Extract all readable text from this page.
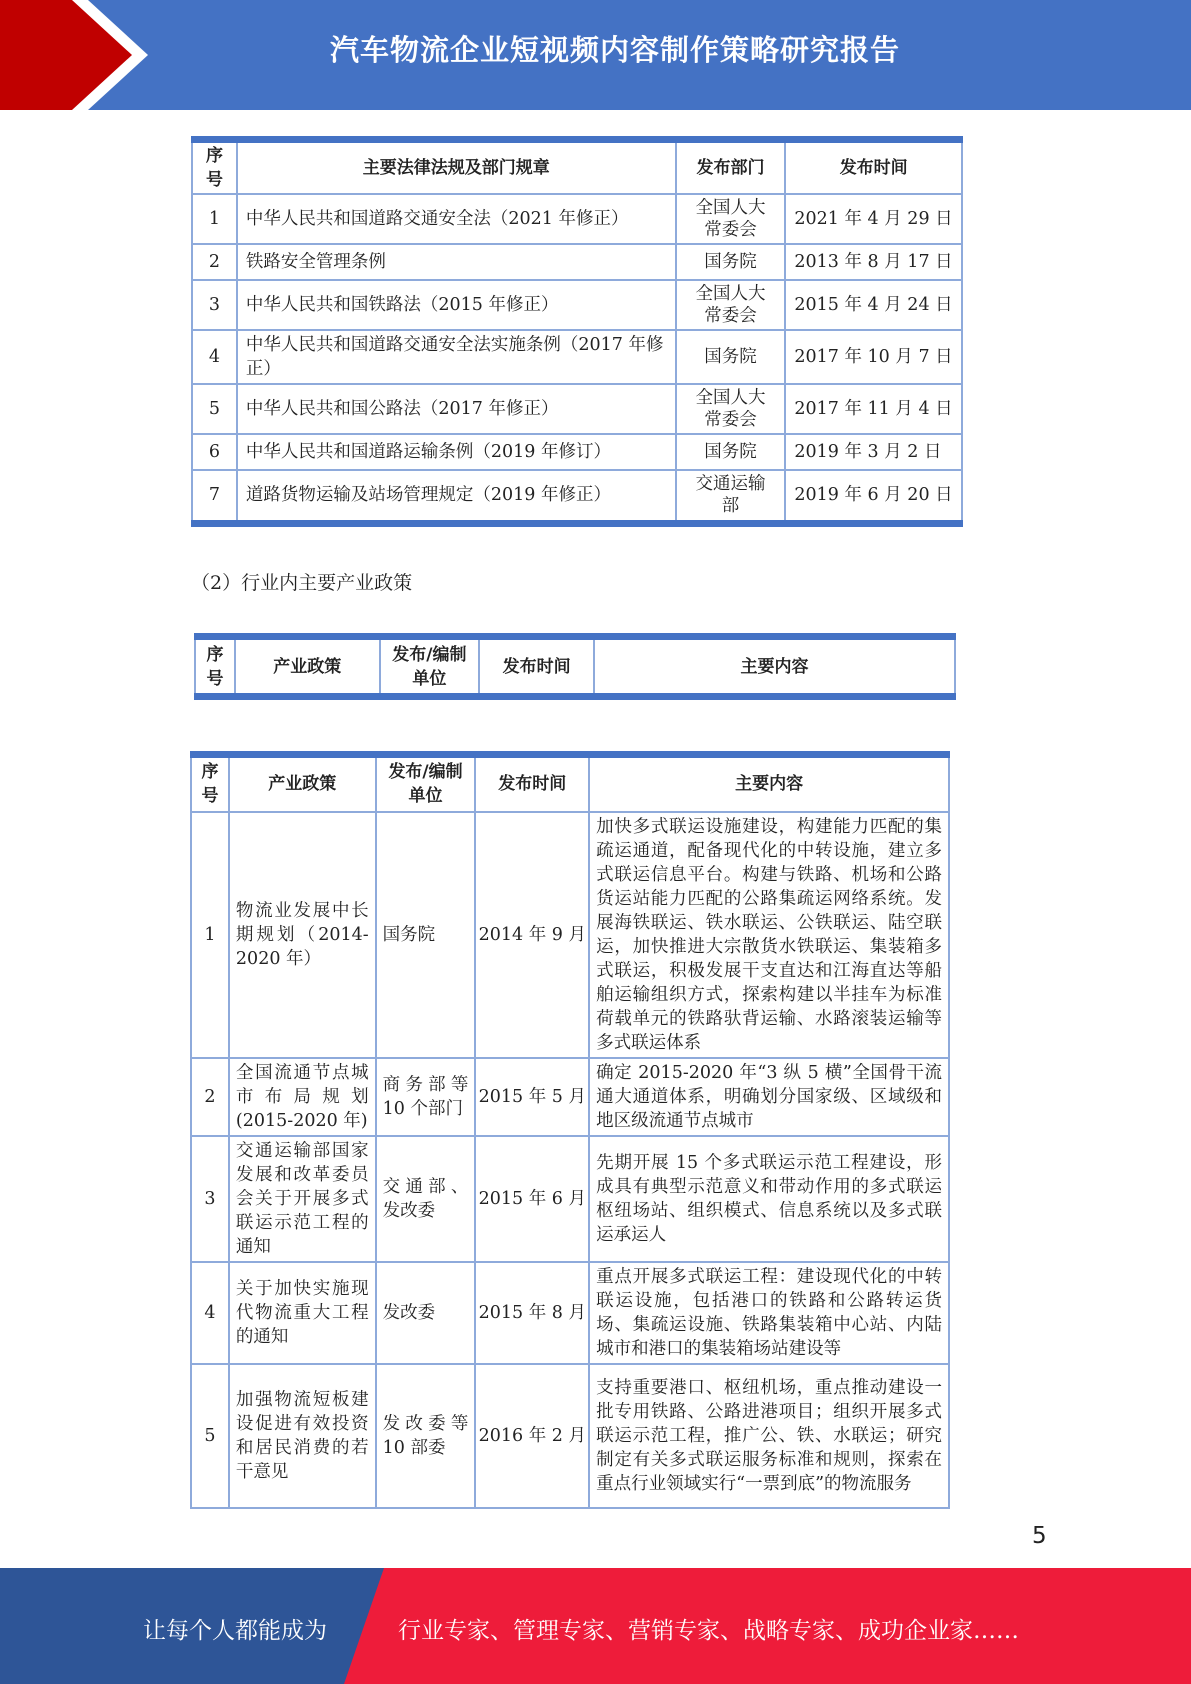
汽车物流企业短视频内容制作策略研究报告
序
号	主要法律法规及部门规章	发布部门	发布时间
1	中华人民共和国道路交通安全法（2021 年修正）	全国人大常委会	2021 年 4 月 29 日
2	铁路安全管理条例	国务院	2013 年 8 月 17 日
3	中华人民共和国铁路法（2015 年修正）	全国人大常委会	2015 年 4 月 24 日
4	中华人民共和国道路交通安全法实施条例（2017 年修正）	国务院	2017 年 10 月 7 日
5	中华人民共和国公路法（2017 年修正）	全国人大常委会	2017 年 11 月 4 日
6	中华人民共和国道路运输条例（2019 年修订）	国务院	2019 年 3 月 2 日
7	道路货物运输及站场管理规定（2019 年修正）	交通运输部	2019 年 6 月 20 日
（2）行业内主要产业政策
序
号	产业政策	发布/编制
单位	发布时间	主要内容
序
号	产业政策	发布/编制
单位	发布时间	主要内容
1	物流业发展中长期规划（2014-2020 年）	国务院	2014 年 9 月	加快多式联运设施建设，构建能力匹配的集疏运通道，配备现代化的中转设施，建立多式联运信息平台。构建与铁路、机场和公路货运站能力匹配的公路集疏运网络系统。发展海铁联运、铁水联运、公铁联运、陆空联运，加快推进大宗散货水铁联运、集装箱多式联运，积极发展干支直达和江海直达等船舶运输组织方式，探索构建以半挂车为标准荷载单元的铁路驮背运输、水路滚装运输等多式联运体系
2	全国流通节点城市布局规划(2015-2020 年)	商务部等10 个部门	2015 年 5 月	确定 2015-2020 年“3 纵 5 横”全国骨干流通大通道体系，明确划分国家级、区域级和地区级流通节点城市
3	交通运输部国家发展和改革委员会关于开展多式联运示范工程的通知	交通部、发改委	2015 年 6 月	先期开展 15 个多式联运示范工程建设，形成具有典型示范意义和带动作用的多式联运枢纽场站、组织模式、信息系统以及多式联运承运人
4	关于加快实施现代物流重大工程的通知	发改委	2015 年 8 月	重点开展多式联运工程：建设现代化的中转联运设施，包括港口的铁路和公路转运货场、集疏运设施、铁路集装箱中心站、内陆城市和港口的集装箱场站建设等
5	加强物流短板建设促进有效投资和居民消费的若干意见	发改委等10 部委	2016 年 2 月	支持重要港口、枢纽机场，重点推动建设一批专用铁路、公路进港项目；组织开展多式联运示范工程，推广公、铁、水联运；研究制定有关多式联运服务标准和规则，探索在重点行业领域实行“一票到底”的物流服务
5
让每个人都能成为	行业专家、管理专家、营销专家、战略专家、成功企业家……
